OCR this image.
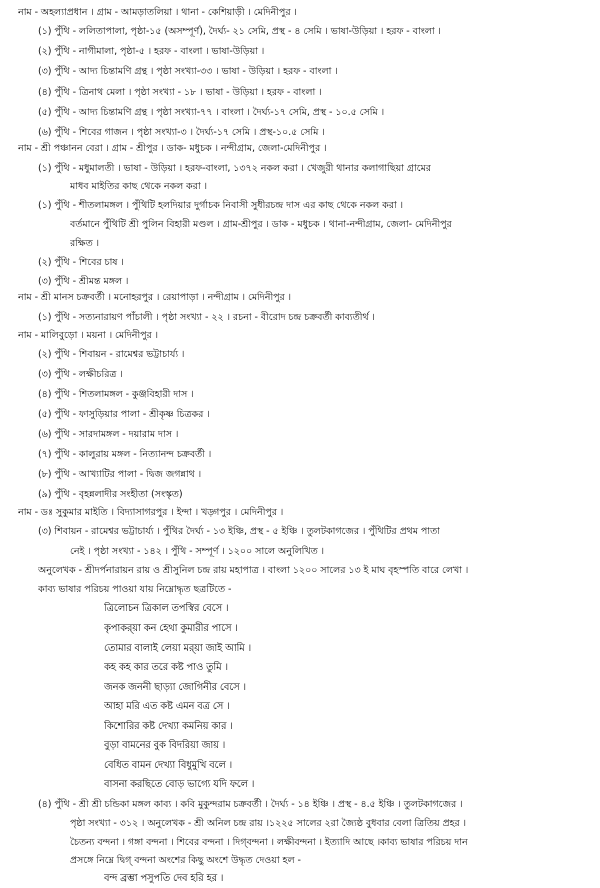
নাম - অহল্যাপ্রধান । গ্রাম - আমড়াতলিয়া । থানা - কেশিয়াড়ী । মেদিনীপুর ।
(১) পুঁথি - ললিতাপালা, পৃষ্ঠা-১৫ (অসম্পূর্ণ), দৈর্ঘ্য- ২১ সেমি, প্রস্থ - ৪ সেমি । ভাষা-উড়িয়া । হরফ - বাংলা ।
(২) পুঁথি - নাগীমালা, পৃষ্ঠা-৫ । হরফ - বাংলা । ভাষা-উড়িয়া ।
(৩) পুঁথি - আদ্য চিন্তামণি গ্রন্থ । পৃষ্ঠা সংখ্যা-৩৩ । ভাষা - উড়িয়া । হরফ - বাংলা ।
(৪) পুঁথি - ত্রিনাথ মেলা । পৃষ্ঠা সংখ্যা - ১৮ । ভাষা - উড়িয়া । হরফ - বাংলা ।
(৫) পুঁথি - আদ্য চিন্তামণি গ্রন্থ । পৃষ্ঠা সংখ্যা-৭৭ । বাংলা । দৈর্ঘ্য-১৭ সেমি, প্রস্থ - ১০.৫ সেমি ।
(৬) পুঁথি - শিবের গাজন । পৃষ্ঠা সংখ্যা-৩ । দৈর্ঘ্য-১৭ সেমি । প্রস্থ-১০.৫ সেমি ।
নাম - শ্রী পঞ্চানন বেরা । গ্রাম - শ্রীপুর । ডাক- মধুচক । নন্দীগ্রাম, জেলা-মেদিনীপুর ।
(১) পুঁথি - মধুমালতী । ভাষা - উড়িয়া । হরফ-বাংলা, ১৩৭২ নকল করা । খেজুরী থানার কলাগাছিয়া গ্রামের
মাধব মাইতির কাছ থেকে নকল করা ।
(১) পুঁথি - শীতলামঙ্গল । পুঁথিটি হলদিয়ার দুর্গাচক নিবাসী সুধীরচন্দ্র দাস এর কাছ থেকে নকল করা ।
বর্তমানে পুঁথিটি শ্রী পুলিন বিহারী মণ্ডল । গ্রাম-শ্রীপুর । ডাক - মধুচক । থানা-নন্দীগ্রাম, জেলা- মেদিনীপুর
রক্ষিত ।
(২) পুঁথি - শিবের চাষ ।
(৩) পুঁথি - শ্রীমন্ত মঙ্গল ।
নাম - শ্রী মানস চক্রবর্তী । মনোহরপুর । রেয়াপাড়া । নন্দীগ্রাম । মেদিনীপুর ।
(১) পুঁথি - সত্যনারায়ণ পাঁচালী । পৃষ্ঠা সংখ্যা - ২২ । রচনা - বীরোদ চন্দ্র চক্রবর্তী কাব্যতীর্থ ।
নাম - মালিবুড়ো । ময়না । মেদিনীপুর ।
(২) পুঁথি - শিবায়ন - রামেশ্বর ভট্টাচার্য্য ।
(৩) পুঁথি - লক্ষীচরিত্র ।
(৪) পুঁথি - শিতলামঙ্গল - কুঞ্জবিহারী দাস ।
(৫) পুঁথি - ফাসুড়িয়ার পালা - শ্রীকৃষ্ণ চিত্রকর ।
(৬) পুঁথি - সারদামঙ্গল - দয়ারাম দাস ।
(৭) পুঁথি - কালুরায় মঙ্গল - নিত্যানন্দ চক্রবর্তী ।
(৮) পুঁথি - আখ্যাটির পালা - দ্বিজ জগন্নাথ ।
(৯) পুঁথি - বৃহন্নলাদীর সংহীতা (সংস্কৃত)
নাম - ডঃ সুকুমার মাইতি । বিদ্যাসাগরপুর । ইন্দা । খড়্গপুর । মেদিনীপুর ।
(৩) শিবায়ন - রামেশ্বর ভট্টাচার্য্য । পুঁথির দৈর্ঘ্য - ১৩ ইঞ্চি, প্রস্থ - ৫ ইঞ্চি । তুলটকাগজের । পুঁথিটির প্রথম পাতা
নেই । পৃষ্ঠা সংখ্যা - ১৪২ । পুঁথি - সম্পূর্ণ । ১২০০ সালে অনুলিখিত ।
অনুলেখক - শ্রীদর্পনারায়ন রায় ও শ্রীসুনিল চন্দ্র রায় মহাপাত্র । বাংলা ১২০০ সালের ১৩ ই মাঘ বৃহস্পতি বারে লেখা ।
কাব্য ভাষার পরিচয় পাওয়া যায় নিম্নোদ্ধৃত ছত্রটিতে -
ত্রিলোচন ত্রিকাল তপস্বির বেসে ।
কৃপাকর্‌য়া কন হেথা কুমারীর পাসে ।
তোমার বালাই লেয়া মর্‌য়া জাই আমি ।
কহ কহ কার তরে কষ্ট পাও তুমি ।
জনক জননী ছাড়্যা জোগিনীর বেসে ।
আহা মরি এত কষ্ট এমন বত্র সে ।
কিশোরির কষ্ট দেখ্যা কমনিয় কার ।
বুড়া বামনের বুক বিদরিয়া জায় ।
বেধিত বামন দেখ্যা বিধুমুখি বলে ।
বাসনা করছিতে বোড় ভাগ্যে যদি ফলে ।
(৪) পুঁথি - শ্রী শ্রী চন্ডিকা মঙ্গল কাব্য । কবি মুকুন্দরাম চক্রবর্তী । দৈর্ঘ্য - ১৪ ইঞ্চি । প্রস্থ - ৪.৫ ইঞ্চি । তুলটকাগজের ।
পৃষ্ঠা সংখ্যা - ৩১২ । অনুলেখক - শ্রী অনিল চন্দ্র রায় ।১২২৫ সালের ২রা জ্যৈষ্ঠ বুধবার বেলা ত্রিতিয় প্রহর ।
চৈতন্য বন্দনা । গঙ্গা বন্দনা । শিবের বন্দনা । দিগ্‌বন্দনা । লক্ষীবন্দনা । ইত্যাদি আছে ।কাব্য ভাষার পরিচয় দান
প্রসঙ্গে নিম্নে দ্বিগ্ বন্দনা অংশের কিছু অংশে উদ্ধৃত দেওয়া হল -
বন্দ ব্রম্ভা পসুপতি দেব হরি হর ।
